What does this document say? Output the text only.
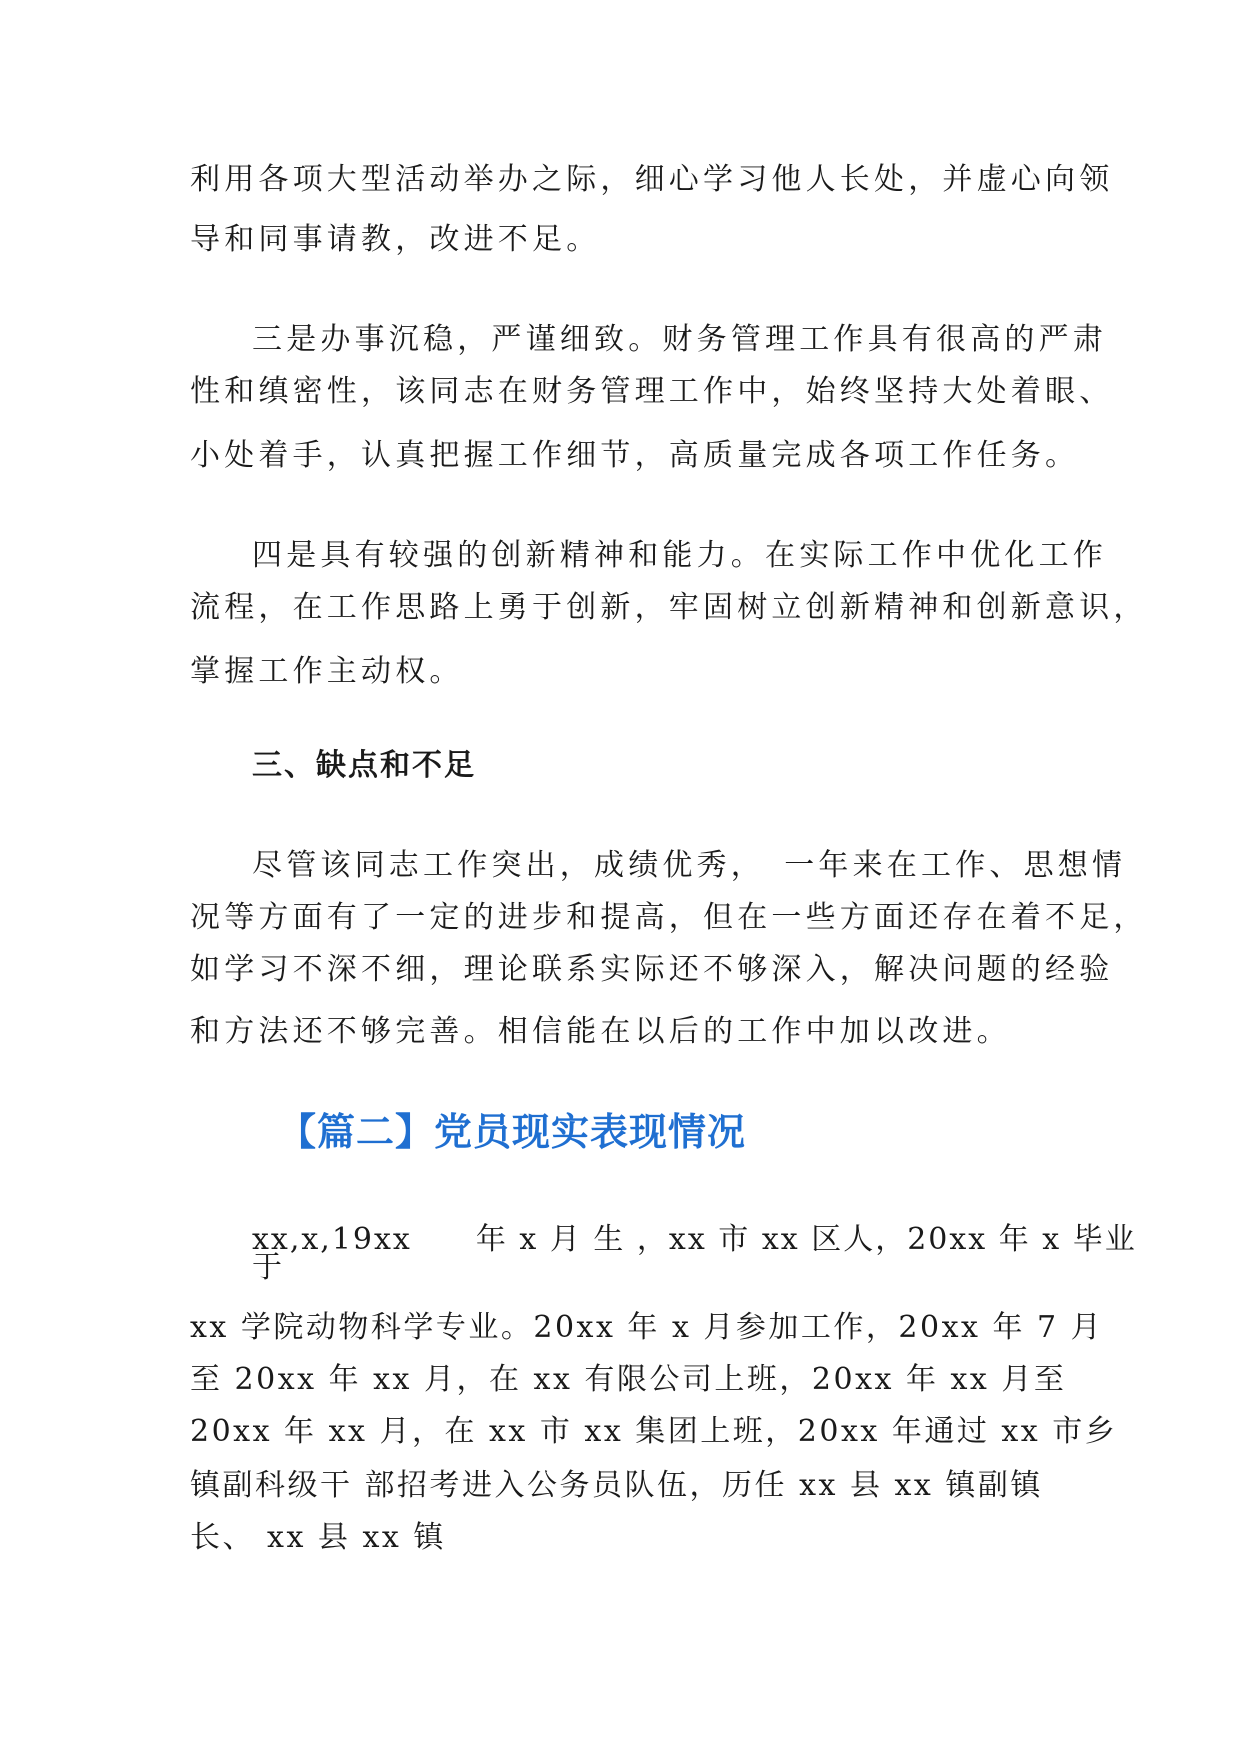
利用各项大型活动举办之际，细心学习他人长处，并虚心向领

导和同事请教，改进不足。

三是办事沉稳，严谨细致。财务管理工作具有很高的严肃

性和缜密性，该同志在财务管理工作中，始终坚持大处着眼、

小处着手，认真把握工作细节，高质量完成各项工作任务。

四是具有较强的创新精神和能力。在实际工作中优化工作

流程，在工作思路上勇于创新，牢固树立创新精神和创新意识，

掌握工作主动权。

三、缺点和不足

尽管该同志工作突出，成绩优秀，　一年来在工作、思想情

况等方面有了一定的进步和提高，但在一些方面还存在着不足，

如学习不深不细，理论联系实际还不够深入，解决问题的经验

和方法还不够完善。相信能在以后的工作中加以改进。

【篇二】党员现实表现情况

xx,x,19xx　　年 x 月 生 ，xx 市 xx 区人，20xx 年 x 毕业

于

xx 学院动物科学专业。20xx 年 x 月参加工作，20xx 年 7 月

至 20xx 年 xx 月，在 xx 有限公司上班，20xx 年 xx 月至

20xx 年 xx 月，在 xx 市 xx 集团上班，20xx 年通过 xx 市乡

镇副科级干 部招考进入公务员队伍，历任 xx 县 xx 镇副镇

长、 xx 县 xx 镇
